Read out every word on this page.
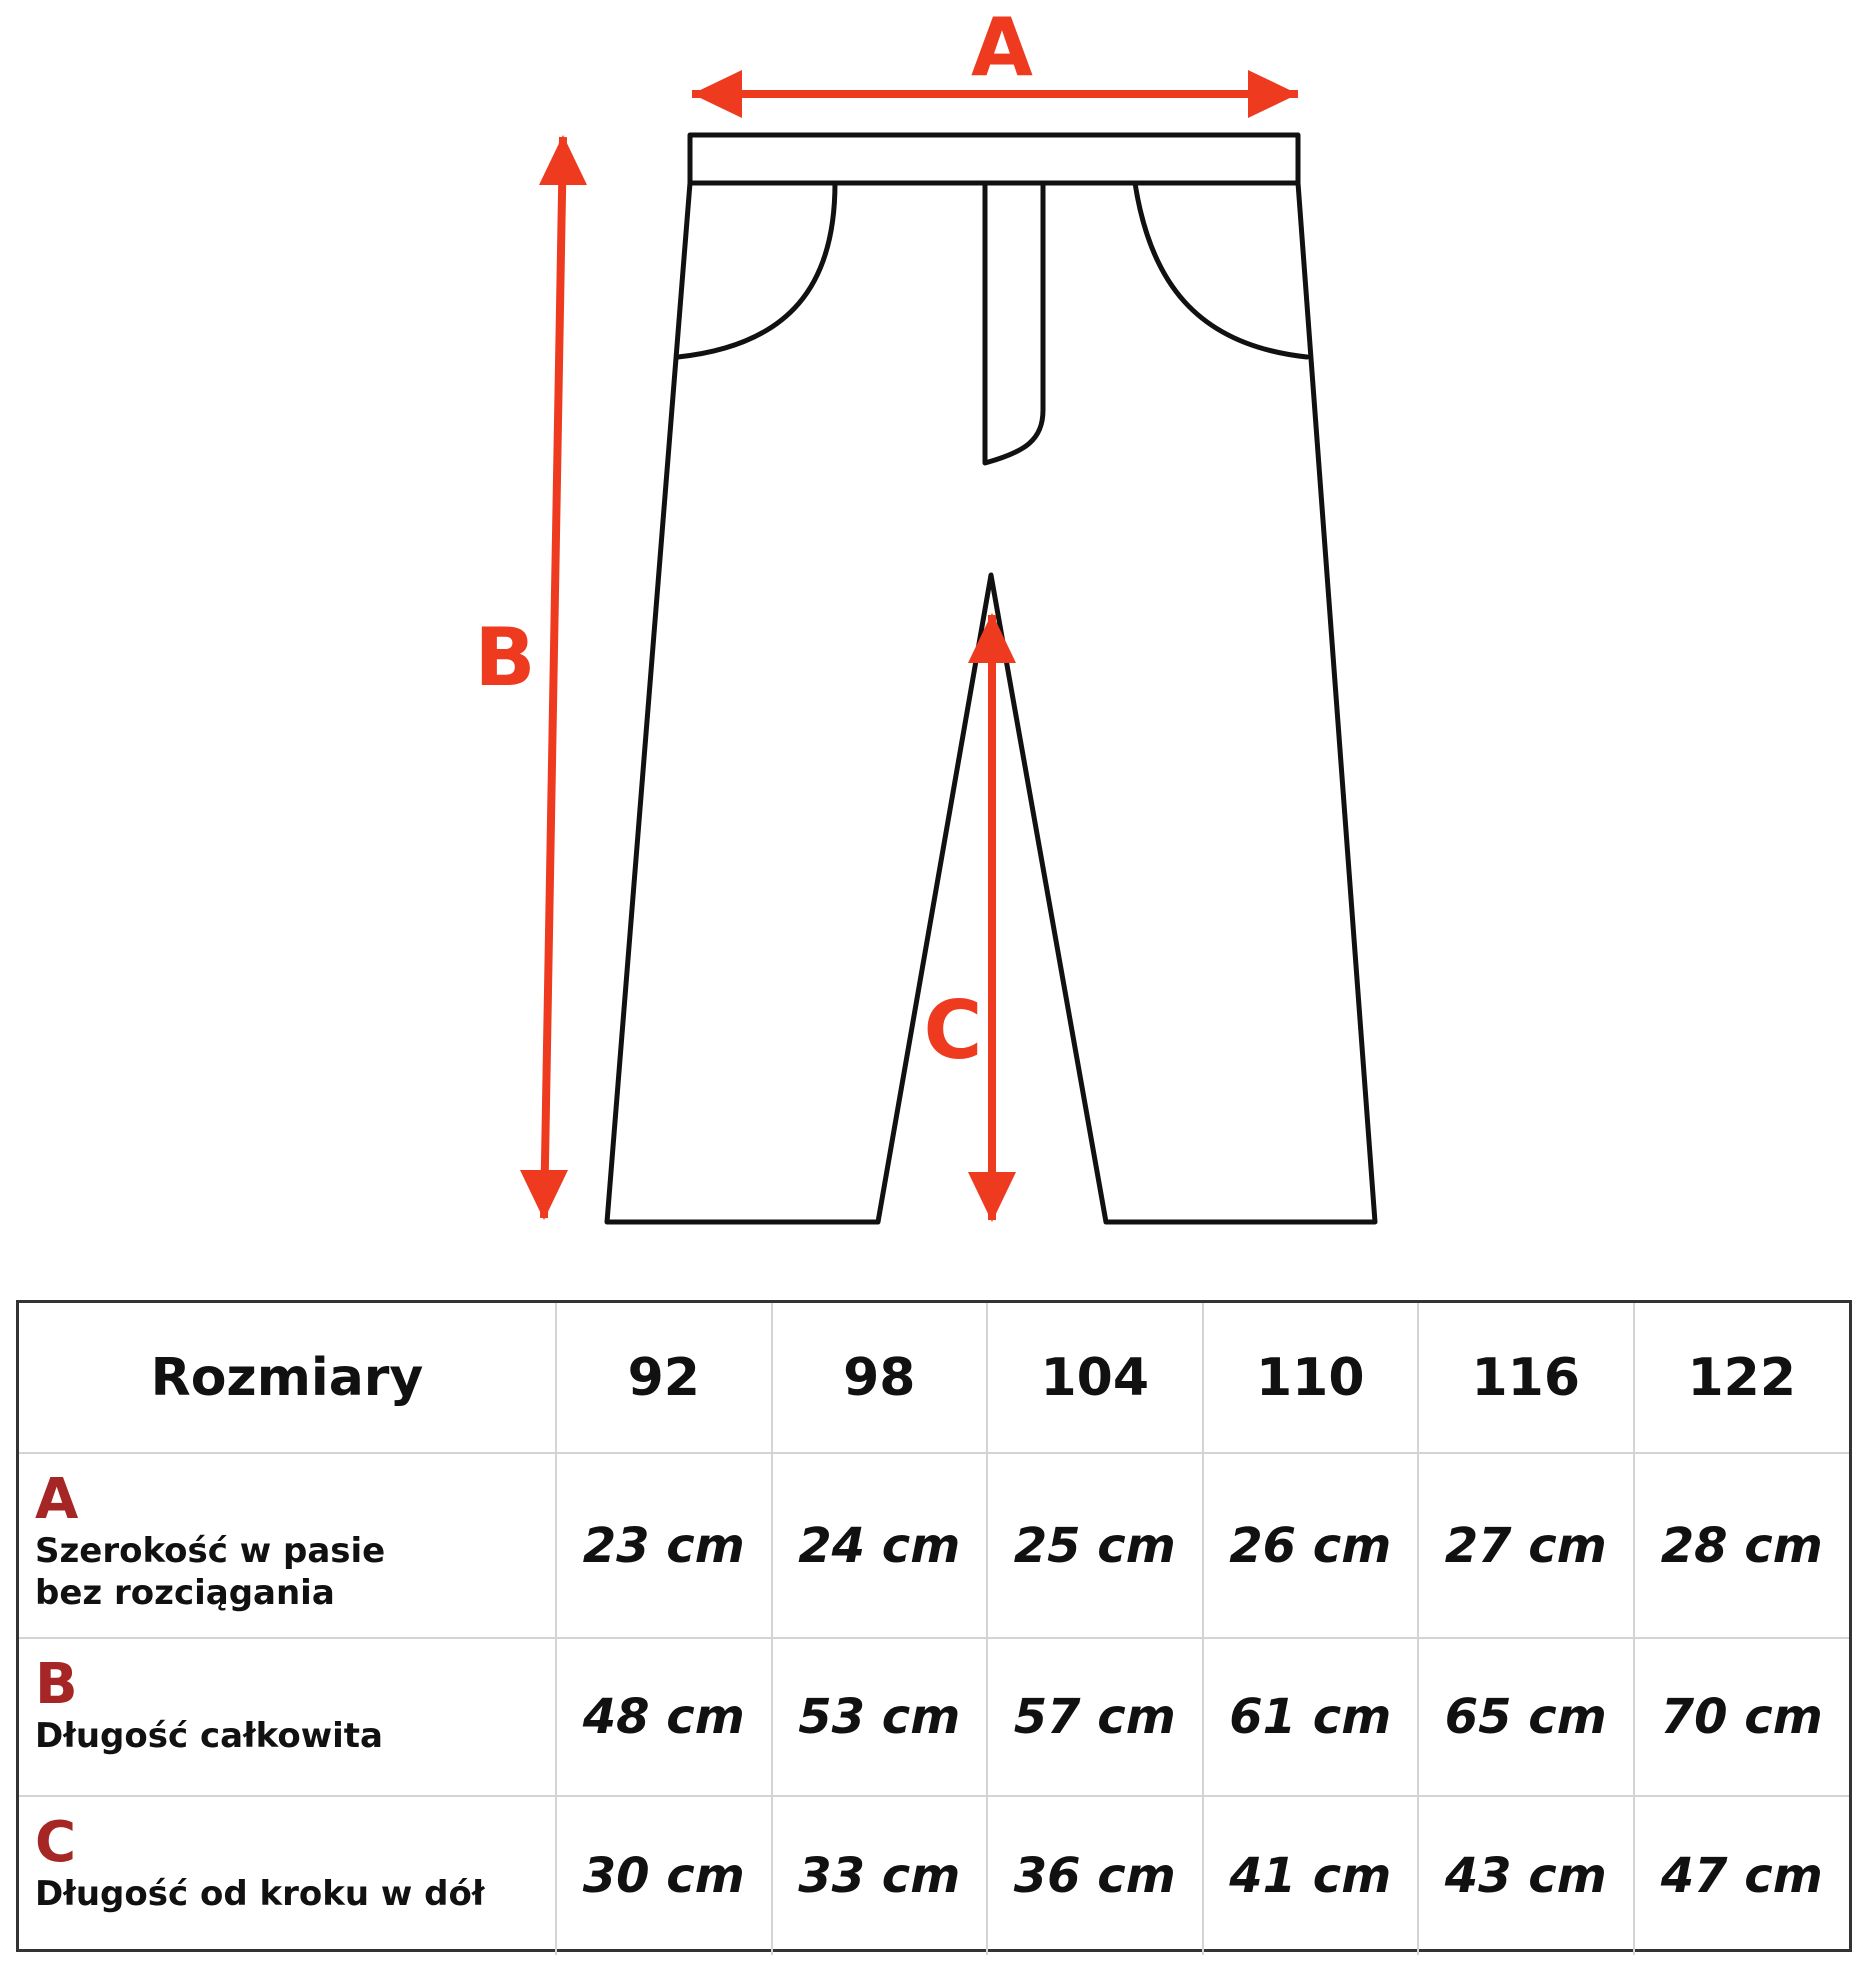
A
B
C
Rozmiary	92	98	104	110	116	122

A
Szerokość w pasie
bez rozciągania	23 cm	24 cm	25 cm	26 cm	27 cm	28 cm

B
Długość całkowita	48 cm	53 cm	57 cm	61 cm	65 cm	70 cm

C
Długość od kroku w dół	30 cm	33 cm	36 cm	41 cm	43 cm	47 cm
